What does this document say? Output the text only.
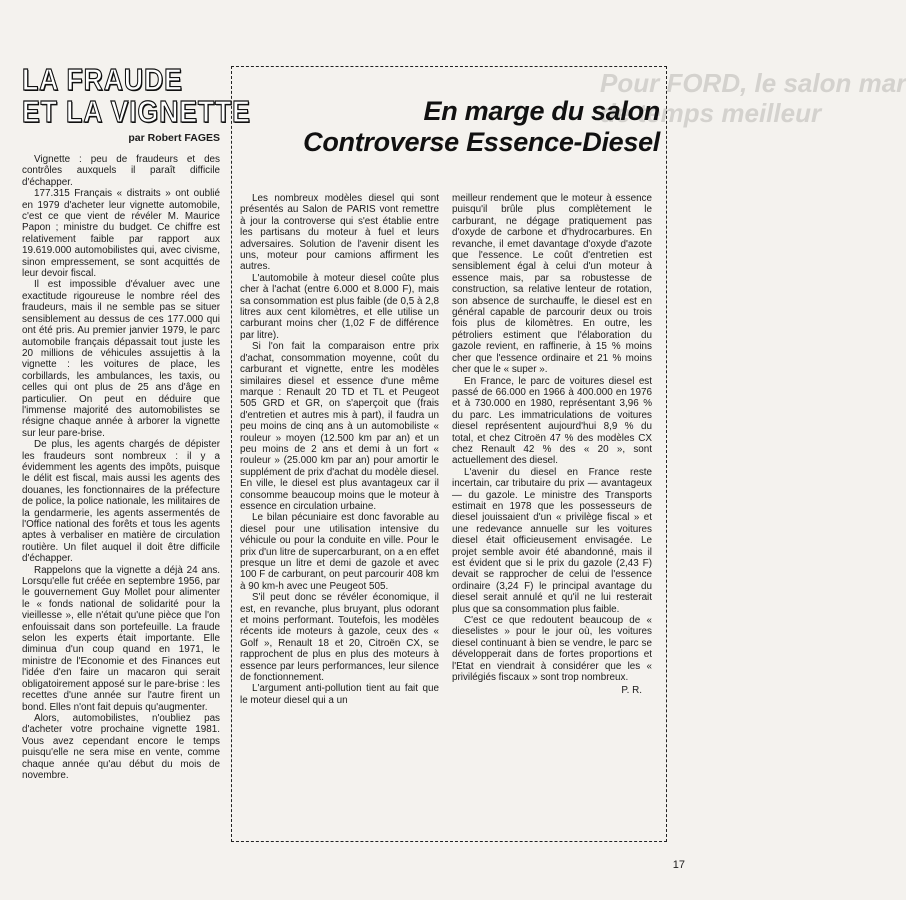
Pour FORD, le salon mar
de temps meilleur
LA FRAUDE
ET LA VIGNETTE
par Robert FAGES

Vignette : peu de fraudeurs et des contrôles auxquels il paraît difficile d'échapper.

177.315 Français « distraits » ont oublié en 1979 d'acheter leur vignette automobile, c'est ce que vient de révéler M. Maurice Papon ; ministre du budget. Ce chiffre est relativement faible par rapport aux 19.619.000 automobilistes qui, avec civisme, sinon empressement, se sont acquittés de leur devoir fiscal.

Il est impossible d'évaluer avec une exactitude rigoureuse le nombre réel des fraudeurs, mais il ne semble pas se situer sensiblement au dessus de ces 177.000 qui ont été pris. Au premier janvier 1979, le parc automobile français dépassait tout juste les 20 millions de véhicules assujettis à la vignette : les voitures de place, les corbillards, les ambulances, les taxis, ou celles qui ont plus de 25 ans d'âge en particulier. On peut en déduire que l'immense majorité des automobilistes se résigne chaque année à arborer la vignette sur leur pare-brise.

De plus, les agents chargés de dépister les fraudeurs sont nombreux : il y a évidemment les agents des impôts, puisque le délit est fiscal, mais aussi les agents des douanes, les fonctionnaires de la préfecture de police, la police nationale, les militaires de la gendarmerie, les agents assermentés de l'Office national des forêts et tous les agents aptes à verbaliser en matière de circulation routière. Un filet auquel il doit être difficile d'échapper.

Rappelons que la vignette a déjà 24 ans. Lorsqu'elle fut créée en septembre 1956, par le gouvernement Guy Mollet pour alimenter le « fonds national de solidarité pour la vieillesse », elle n'était qu'une pièce que l'on enfouissait dans son portefeuille. La fraude selon les experts était importante. Elle diminua d'un coup quand en 1971, le ministre de l'Economie et des Finances eut l'idée d'en faire un macaron qui serait obligatoirement apposé sur le pare-brise : les recettes d'une année sur l'autre firent un bond. Elles n'ont fait depuis qu'augmenter.

Alors, automobilistes, n'oubliez pas d'acheter votre prochaine vignette 1981. Vous avez cependant encore le temps puisqu'elle ne sera mise en vente, comme chaque année qu'au début du mois de novembre.

En marge du salon
Controverse Essence-Diesel

Les nombreux modèles diesel qui sont présentés au Salon de PARIS vont remettre à jour la controverse qui s'est établie entre les partisans du moteur à fuel et leurs adversaires. Solution de l'avenir disent les uns, moteur pour camions affirment les autres.

L'automobile à moteur diesel coûte plus cher à l'achat (entre 6.000 et 8.000 F), mais sa consommation est plus faible (de 0,5 à 2,8 litres aux cent kilomètres, et elle utilise un carburant moins cher (1,02 F de différence par litre).

Si l'on fait la comparaison entre prix d'achat, consommation moyenne, coût du carburant et vignette, entre les modèles similaires diesel et essence d'une même marque : Renault 20 TD et TL et Peugeot 505 GRD et GR, on s'aperçoit que (frais d'entretien et autres mis à part), il faudra un peu moins de cinq ans à un automobiliste « rouleur » moyen (12.500 km par an) et un peu moins de 2 ans et demi à un fort « rouleur » (25.000 km par an) pour amortir le supplément de prix d'achat du modèle diesel. En ville, le diesel est plus avantageux car il consomme beaucoup moins que le moteur à essence en circulation urbaine.

Le bilan pécuniaire est donc favorable au diesel pour une utilisation intensive du véhicule ou pour la conduite en ville. Pour le prix d'un litre de supercarburant, on a en effet presque un litre et demi de gazole et avec 100 F de carburant, on peut parcourir 408 km à 90 km-h avec une Peugeot 505.

S'il peut donc se révéler économique, il est, en revanche, plus bruyant, plus odorant et moins performant. Toutefois, les modèles récents ide moteurs à gazole, ceux des « Golf », Renault 18 et 20, Citroën CX, se rapprochent de plus en plus des moteurs à essence par leurs performances, leur silence de fonctionnement.

L'argument anti-pollution tient au fait que le moteur diesel qui a un

meilleur rendement que le moteur à essence puisqu'il brûle plus complètement le carburant, ne dégage pratiquement pas d'oxyde de carbone et d'hydrocarbures. En revanche, il emet davantage d'oxyde d'azote que l'essence. Le coût d'entretien est sensiblement égal à celui d'un moteur à essence mais, par sa robustesse de construction, sa relative lenteur de rotation, son absence de surchauffe, le diesel est en général capable de parcourir deux ou trois fois plus de kilomètres. En outre, les pétroliers estiment que l'élaboration du gazole revient, en raffinerie, à 15 % moins cher que l'essence ordinaire et 21 % moins cher que le « super ».

En France, le parc de voitures diesel est passé de 66.000 en 1966 à 400.000 en 1976 et à 730.000 en 1980, représentant 3,96 % du parc. Les immatriculations de voitures diesel représentent aujourd'hui 8,9 % du total, et chez Citroën 47 % des modèles CX chez Renault 42 % des « 20 », sont actuellement des diesel.

L'avenir du diesel en France reste incertain, car tributaire du prix — avantageux — du gazole. Le ministre des Transports estimait en 1978 que les possesseurs de diesel jouissaient d'un « privilège fiscal » et une redevance annuelle sur les voitures diesel était officieusement envisagée. Le projet semble avoir été abandonné, mais il est évident que si le prix du gazole (2,43 F) devait se rapprocher de celui de l'essence ordinaire (3,24 F) le principal avantage du diesel serait annulé et qu'il ne lui resterait plus que sa consommation plus faible.

C'est ce que redoutent beaucoup de « dieselistes » pour le jour où, les voitures diesel continuant à bien se vendre, le parc se développerait dans de fortes proportions et l'Etat en viendrait à considérer que les « privilégiés fiscaux » sont trop nombreux.

P. R.
17
